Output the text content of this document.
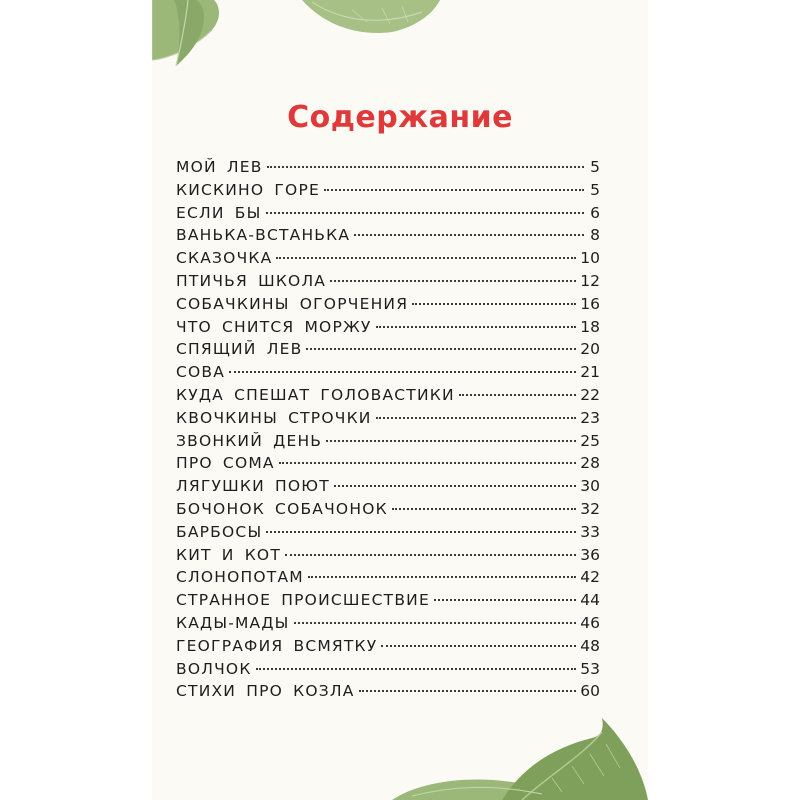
Содержание
МОЙ ЛЕВ	5
КИСКИНО ГОРЕ	5
ЕСЛИ БЫ	6
ВАНЬКА-ВСТАНЬКА	8
СКАЗОЧКА	10
ПТИЧЬЯ ШКОЛА	12
СОБАЧКИНЫ ОГОРЧЕНИЯ	16
ЧТО СНИТСЯ МОРЖУ	18
СПЯЩИЙ ЛЕВ	20
СОВА	21
КУДА СПЕШАТ ГОЛОВАСТИКИ	22
КВОЧКИНЫ СТРОЧКИ	23
ЗВОНКИЙ ДЕНЬ	25
ПРО СОМА	28
ЛЯГУШКИ ПОЮТ	30
БОЧОНОК СОБАЧОНОК	32
БАРБОСЫ	33
КИТ И КОТ	36
СЛОНОПОТАМ	42
СТРАННОЕ ПРОИСШЕСТВИЕ	44
КАДЫ-МАДЫ	46
ГЕОГРАФИЯ ВСМЯТКУ	48
ВОЛЧОК	53
СТИХИ ПРО КОЗЛА	60
